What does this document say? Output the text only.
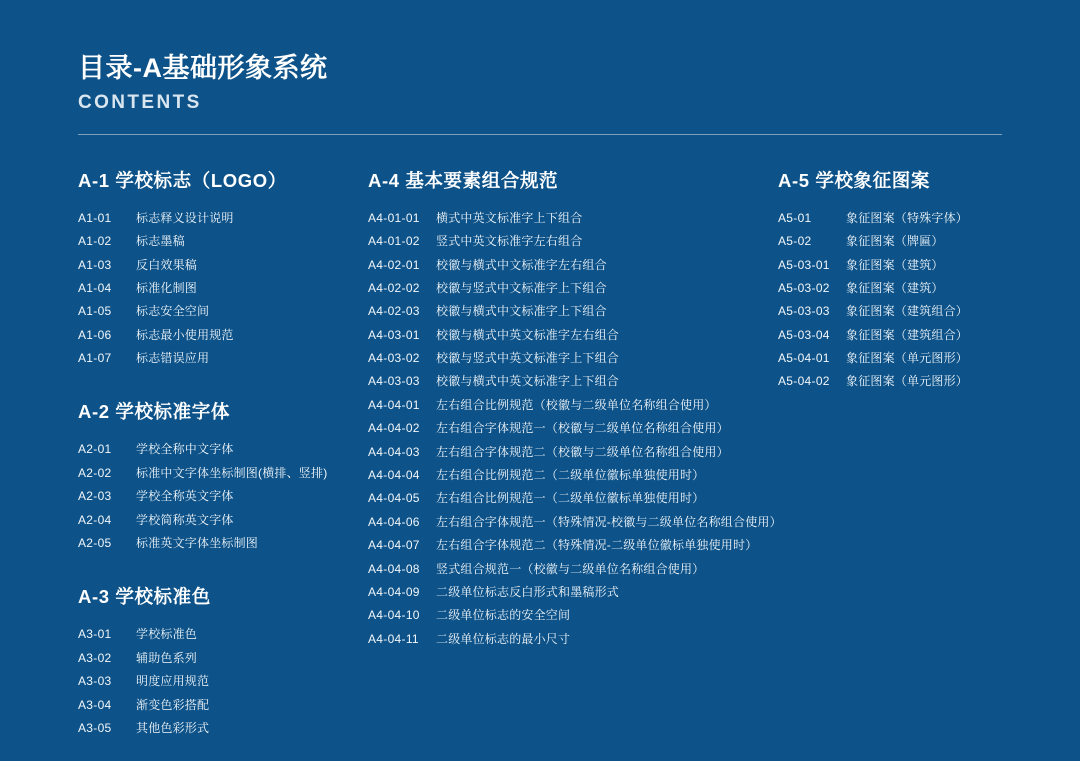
目录-A基础形象系统
CONTENTS
A-1 学校标志（LOGO）
A1-01 标志释义设计说明
A1-02 标志墨稿
A1-03 反白效果稿
A1-04 标准化制图
A1-05 标志安全空间
A1-06 标志最小使用规范
A1-07 标志错误应用
A-2 学校标准字体
A2-01 学校全称中文字体
A2-02 标准中文字体坐标制图(横排、竖排)
A2-03 学校全称英文字体
A2-04 学校简称英文字体
A2-05 标准英文字体坐标制图
A-3 学校标准色
A3-01 学校标准色
A3-02 辅助色系列
A3-03 明度应用规范
A3-04 渐变色彩搭配
A3-05 其他色彩形式
A-4 基本要素组合规范
A4-01-01 横式中英文标准字上下组合
A4-01-02 竖式中英文标准字左右组合
A4-02-01 校徽与横式中文标准字左右组合
A4-02-02 校徽与竖式中文标准字上下组合
A4-02-03 校徽与横式中文标准字上下组合
A4-03-01 校徽与横式中英文标准字左右组合
A4-03-02 校徽与竖式中英文标准字上下组合
A4-03-03 校徽与横式中英文标准字上下组合
A4-04-01 左右组合比例规范（校徽与二级单位名称组合使用）
A4-04-02 左右组合字体规范一（校徽与二级单位名称组合使用）
A4-04-03 左右组合字体规范二（校徽与二级单位名称组合使用）
A4-04-04 左右组合比例规范二（二级单位徽标单独使用时）
A4-04-05 左右组合比例规范一（二级单位徽标单独使用时）
A4-04-06 左右组合字体规范一（特殊情况-校徽与二级单位名称组合使用）
A4-04-07 左右组合字体规范二（特殊情况-二级单位徽标单独使用时）
A4-04-08 竖式组合规范一（校徽与二级单位名称组合使用）
A4-04-09 二级单位标志反白形式和墨稿形式
A4-04-10 二级单位标志的安全空间
A4-04-11 二级单位标志的最小尺寸
A-5 学校象征图案
A5-01	象征图案（特殊字体）
A5-02	象征图案（牌匾）
A5-03-01 象征图案（建筑）
A5-03-02 象征图案（建筑）
A5-03-03 象征图案（建筑组合）
A5-03-04 象征图案（建筑组合）
A5-04-01 象征图案（单元图形）
A5-04-02 象征图案（单元图形）
